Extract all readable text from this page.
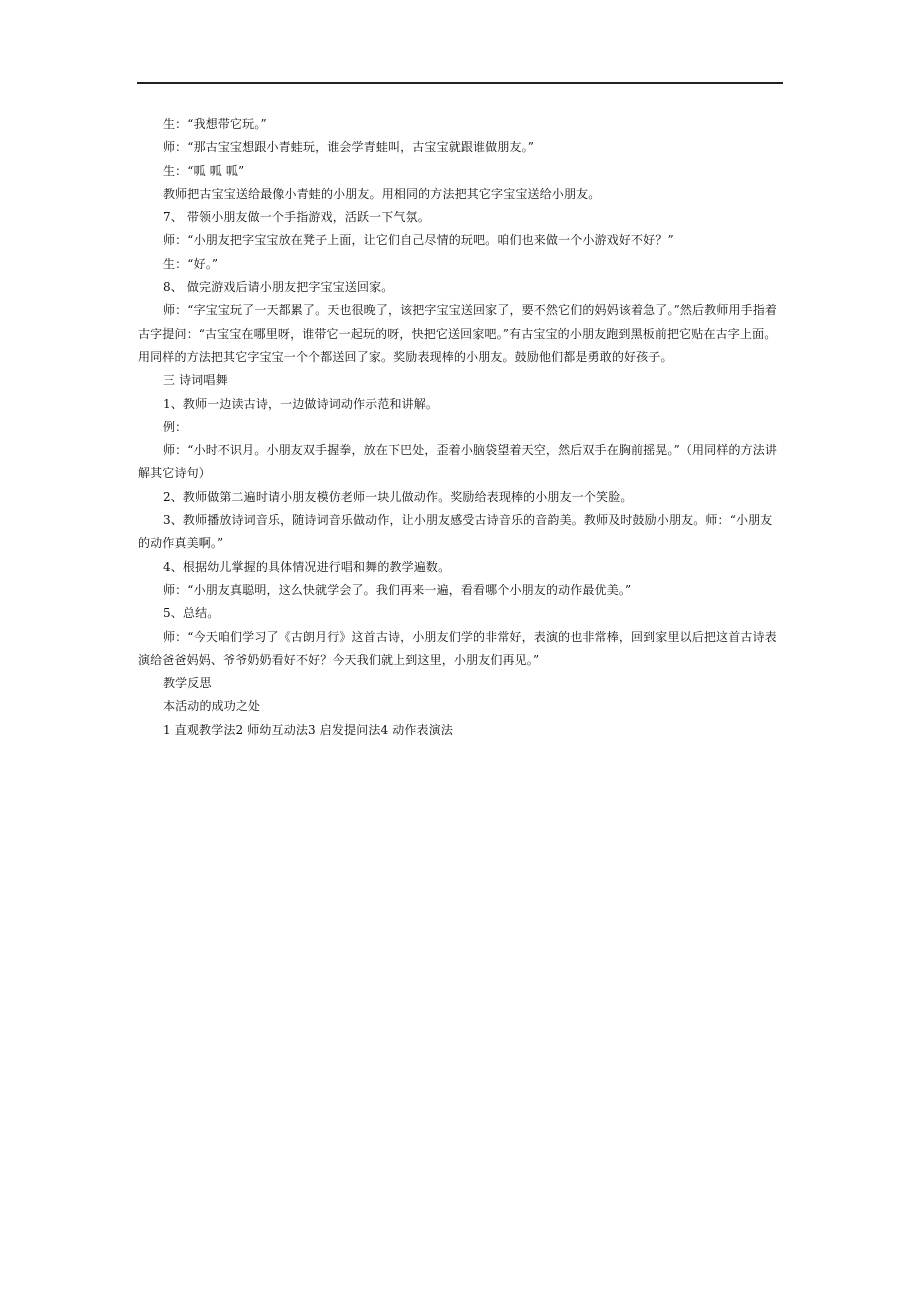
生：“我想带它玩。”

师：“那古宝宝想跟小青蛙玩，谁会学青蛙叫，古宝宝就跟谁做朋友。”

生：“呱 呱 呱”

教师把古宝宝送给最像小青蛙的小朋友。用相同的方法把其它字宝宝送给小朋友。

7、 带领小朋友做一个手指游戏，活跃一下气氛。

师：“小朋友把字宝宝放在凳子上面，让它们自己尽情的玩吧。咱们也来做一个小游戏好不好？”

生：“好。”

8、 做完游戏后请小朋友把字宝宝送回家。

师：“字宝宝玩了一天都累了。天也很晚了，该把字宝宝送回家了，要不然它们的妈妈该着急了。”然后教师用手指着古字提问：“古宝宝在哪里呀，谁带它一起玩的呀，快把它送回家吧。”有古宝宝的小朋友跑到黑板前把它贴在古字上面。用同样的方法把其它字宝宝一个个都送回了家。奖励表现棒的小朋友。鼓励他们都是勇敢的好孩子。

三 诗词唱舞

1、教师一边读古诗，一边做诗词动作示范和讲解。

例：

师：“小时不识月。小朋友双手握拳，放在下巴处，歪着小脑袋望着天空，然后双手在胸前摇晃。”（用同样的方法讲解其它诗句）

2、教师做第二遍时请小朋友模仿老师一块儿做动作。奖励给表现棒的小朋友一个笑脸。

3、教师播放诗词音乐，随诗词音乐做动作，让小朋友感受古诗音乐的音韵美。教师及时鼓励小朋友。师：“小朋友的动作真美啊。”

4、根据幼儿掌握的具体情况进行唱和舞的教学遍数。

师：“小朋友真聪明，这么快就学会了。我们再来一遍，看看哪个小朋友的动作最优美。”

5、总结。

师：“今天咱们学习了《古朗月行》这首古诗，小朋友们学的非常好，表演的也非常棒，回到家里以后把这首古诗表演给爸爸妈妈、爷爷奶奶看好不好？今天我们就上到这里，小朋友们再见。”

教学反思

本活动的成功之处

1 直观教学法2 师幼互动法3 启发提问法4 动作表演法
